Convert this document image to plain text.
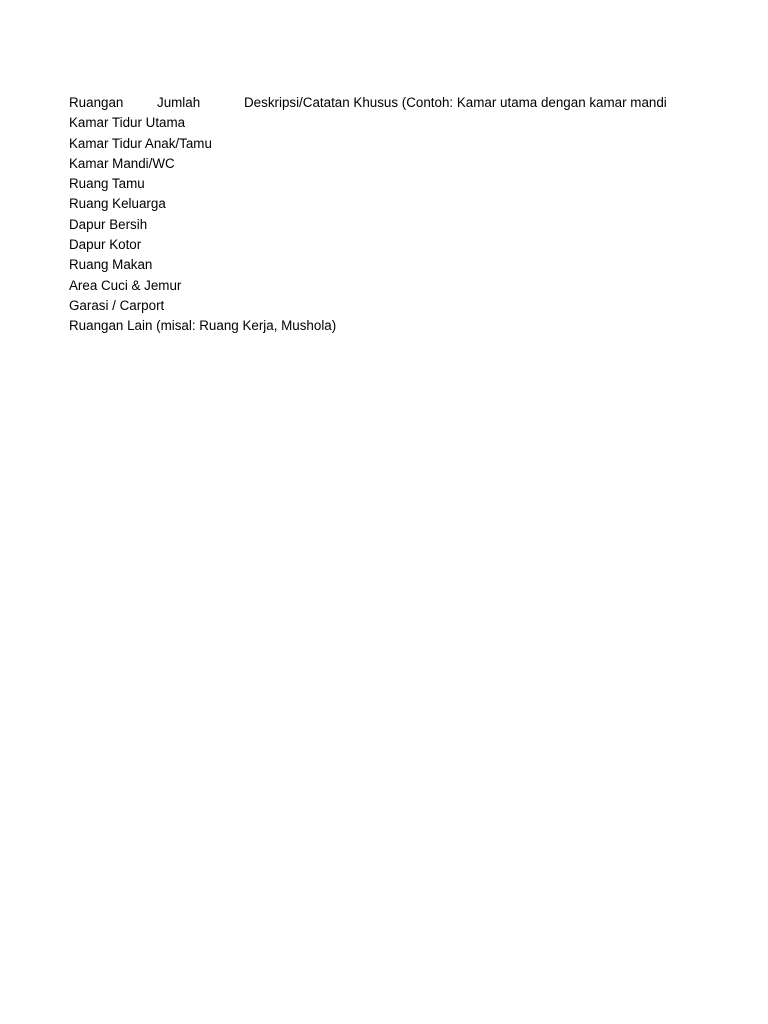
Ruangan	Jumlah	Deskripsi/Catatan Khusus (Contoh: Kamar utama dengan kamar mandi
Kamar Tidur Utama
Kamar Tidur Anak/Tamu
Kamar Mandi/WC
Ruang Tamu
Ruang Keluarga
Dapur Bersih
Dapur Kotor
Ruang Makan
Area Cuci & Jemur
Garasi / Carport
Ruangan Lain (misal: Ruang Kerja, Mushola)
